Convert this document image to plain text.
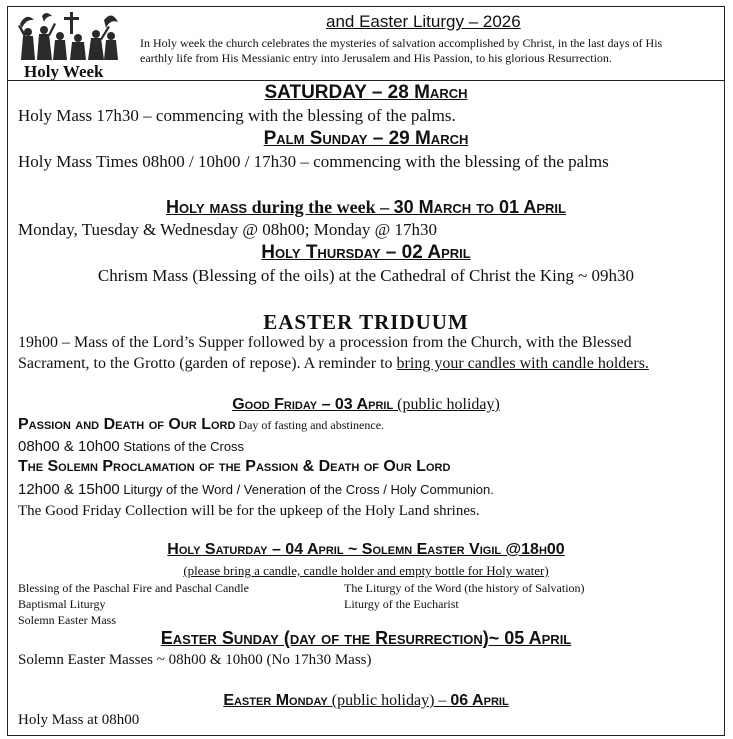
Holy Week
and Easter Liturgy – 2026
In Holy week the church celebrates the mysteries of salvation accomplished by Christ, in the last days of His
earthly life from His Messianic entry into Jerusalem and His Passion, to his glorious Resurrection.
SATURDAY – 28 March
Holy Mass 17h30 – commencing with the blessing of the palms.
Palm Sunday – 29 March
Holy Mass Times 08h00 / 10h00 / 17h30 – commencing with the blessing of the palms
Holy mass during the week – 30 March to 01 April
Monday, Tuesday & Wednesday @ 08h00; Monday @ 17h30
Holy Thursday – 02 April
Chrism Mass (Blessing of the oils) at the Cathedral of Christ the King ~ 09h30
EASTER TRIDUUM
19h00 – Mass of the Lord’s Supper followed by a procession from the Church, with the Blessed
Sacrament, to the Grotto (garden of repose). A reminder to bring your candles with candle holders.
Good Friday – 03 April (public holiday)
Passion and Death of Our Lord Day of fasting and abstinence.
08h00 & 10h00 Stations of the Cross
The Solemn Proclamation of the Passion & Death of Our Lord
12h00 & 15h00 Liturgy of the Word / Veneration of the Cross / Holy Communion.
The Good Friday Collection will be for the upkeep of the Holy Land shrines.
Holy Saturday – 04 April ~ Solemn Easter Vigil @18h00
(please bring a candle, candle holder and empty bottle for Holy water)
Blessing of the Paschal Fire and Paschal Candle
Baptismal Liturgy
Solemn Easter Mass
The Liturgy of the Word (the history of Salvation)
Liturgy of the Eucharist
Easter Sunday (day of the Resurrection)~ 05 April
Solemn Easter Masses ~ 08h00 & 10h00 (No 17h30 Mass)
Easter Monday (public holiday) – 06 April
Holy Mass at 08h00
